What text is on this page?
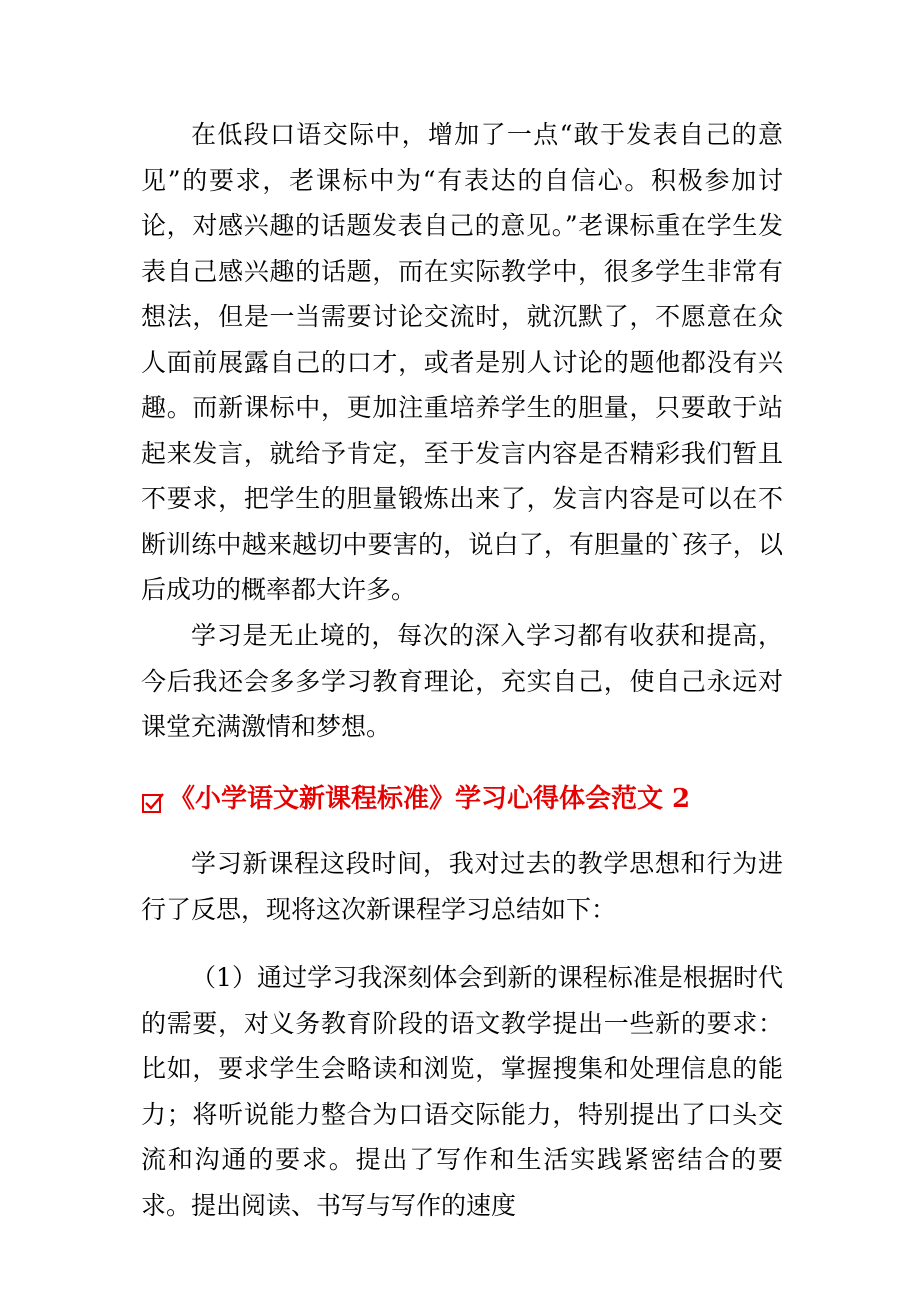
在低段口语交际中，增加了一点“敢于发表自己的意见”的要求，老课标中为“有表达的自信心。积极参加讨论，对感兴趣的话题发表自己的意见。”老课标重在学生发表自己感兴趣的话题，而在实际教学中，很多学生非常有想法，但是一当需要讨论交流时，就沉默了，不愿意在众人面前展露自己的口才，或者是别人讨论的题他都没有兴趣。而新课标中，更加注重培养学生的胆量，只要敢于站起来发言，就给予肯定，至于发言内容是否精彩我们暂且不要求，把学生的胆量锻炼出来了，发言内容是可以在不断训练中越来越切中要害的，说白了，有胆量的`孩子，以后成功的概率都大许多。

学习是无止境的，每次的深入学习都有收获和提高，今后我还会多多学习教育理论，充实自己，使自己永远对课堂充满激情和梦想。

《小学语文新课程标准》学习心得体会范文 2

学习新课程这段时间，我对过去的教学思想和行为进行了反思，现将这次新课程学习总结如下：

（1）通过学习我深刻体会到新的课程标准是根据时代的需要，对义务教育阶段的语文教学提出一些新的要求：比如，要求学生会略读和浏览，掌握搜集和处理信息的能力；将听说能力整合为口语交际能力，特别提出了口头交流和沟通的要求。提出了写作和生活实践紧密结合的要求。提出阅读、书写与写作的速度
